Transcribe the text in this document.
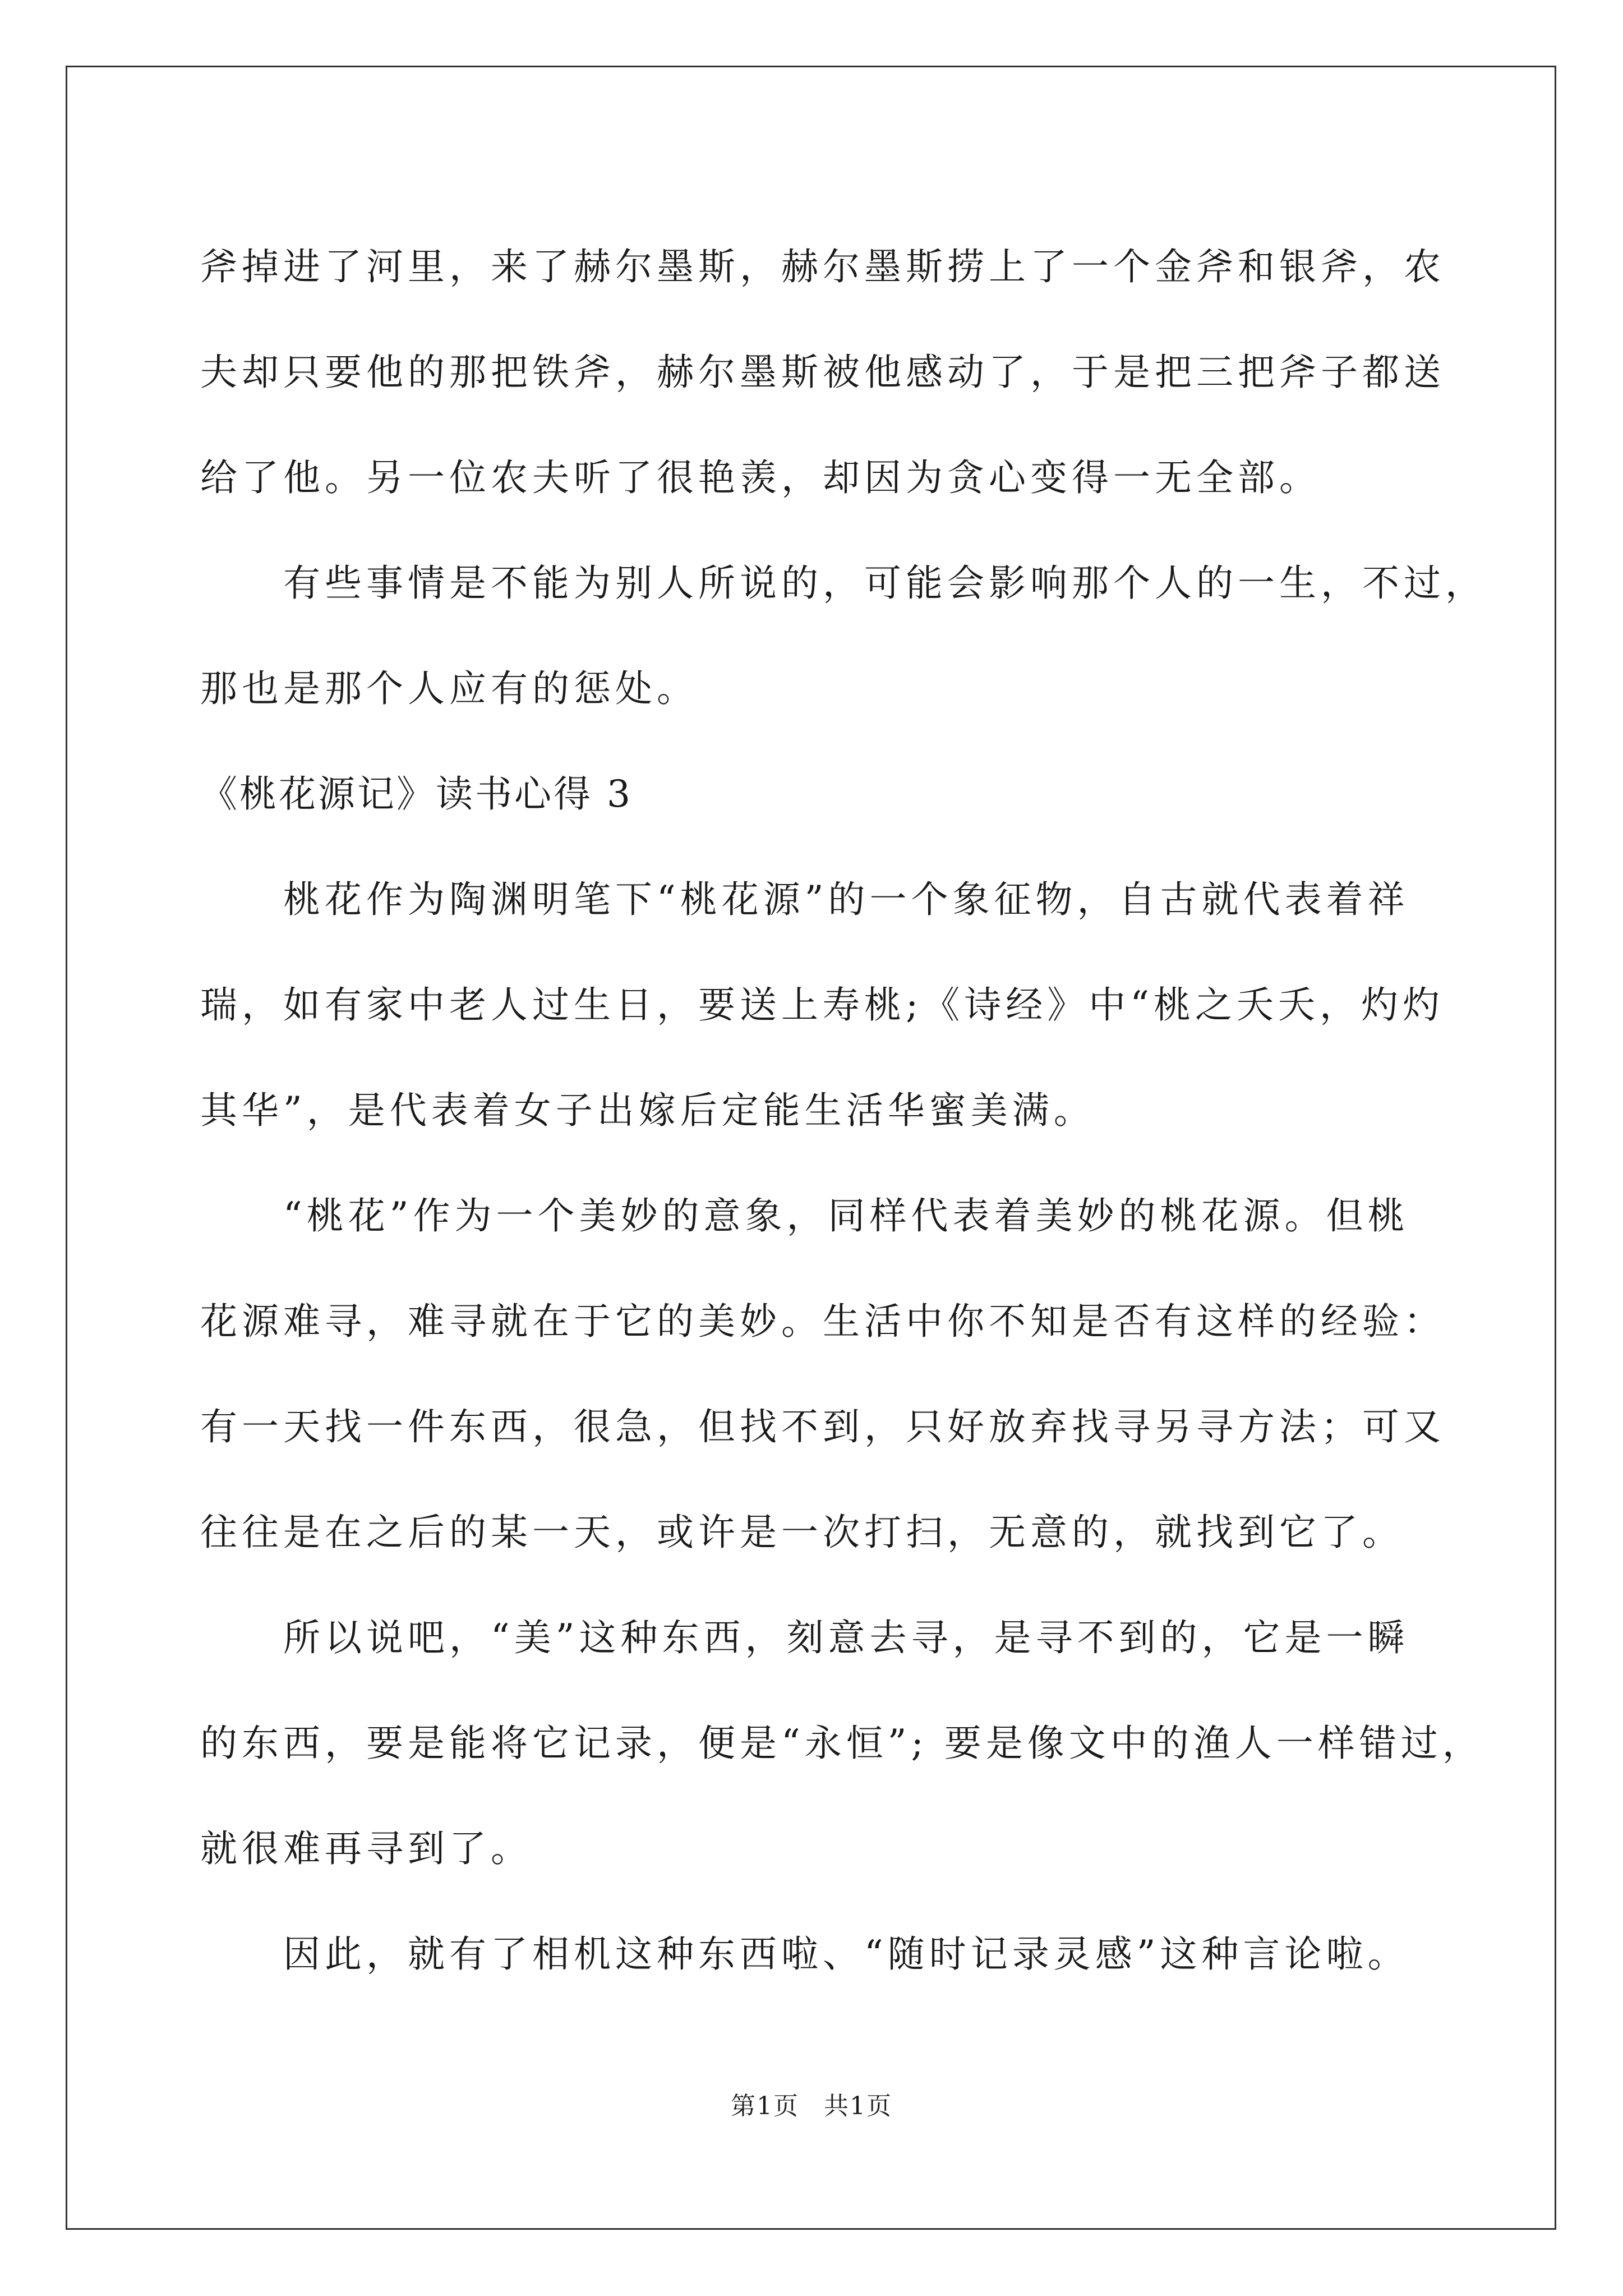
斧掉进了河里，来了赫尔墨斯，赫尔墨斯捞上了一个金斧和银斧，农
夫却只要他的那把铁斧，赫尔墨斯被他感动了，于是把三把斧子都送
给了他。另一位农夫听了很艳羡，却因为贪心变得一无全部。
有些事情是不能为别人所说的，可能会影响那个人的一生，不过，
那也是那个人应有的惩处。
《桃花源记》读书心得 3
桃花作为陶渊明笔下“桃花源”的一个象征物，自古就代表着祥
瑞，如有家中老人过生日，要送上寿桃;《诗经》中“桃之夭夭，灼灼
其华”，是代表着女子出嫁后定能生活华蜜美满。
“桃花”作为一个美妙的意象，同样代表着美妙的桃花源。但桃
花源难寻，难寻就在于它的美妙。生活中你不知是否有这样的经验：
有一天找一件东西，很急，但找不到，只好放弃找寻另寻方法；可又
往往是在之后的某一天，或许是一次打扫，无意的，就找到它了。
所以说吧，“美”这种东西，刻意去寻，是寻不到的，它是一瞬
的东西，要是能将它记录，便是“永恒”; 要是像文中的渔人一样错过，
就很难再寻到了。
因此，就有了相机这种东西啦、“随时记录灵感”这种言论啦。
第1页 共1页
